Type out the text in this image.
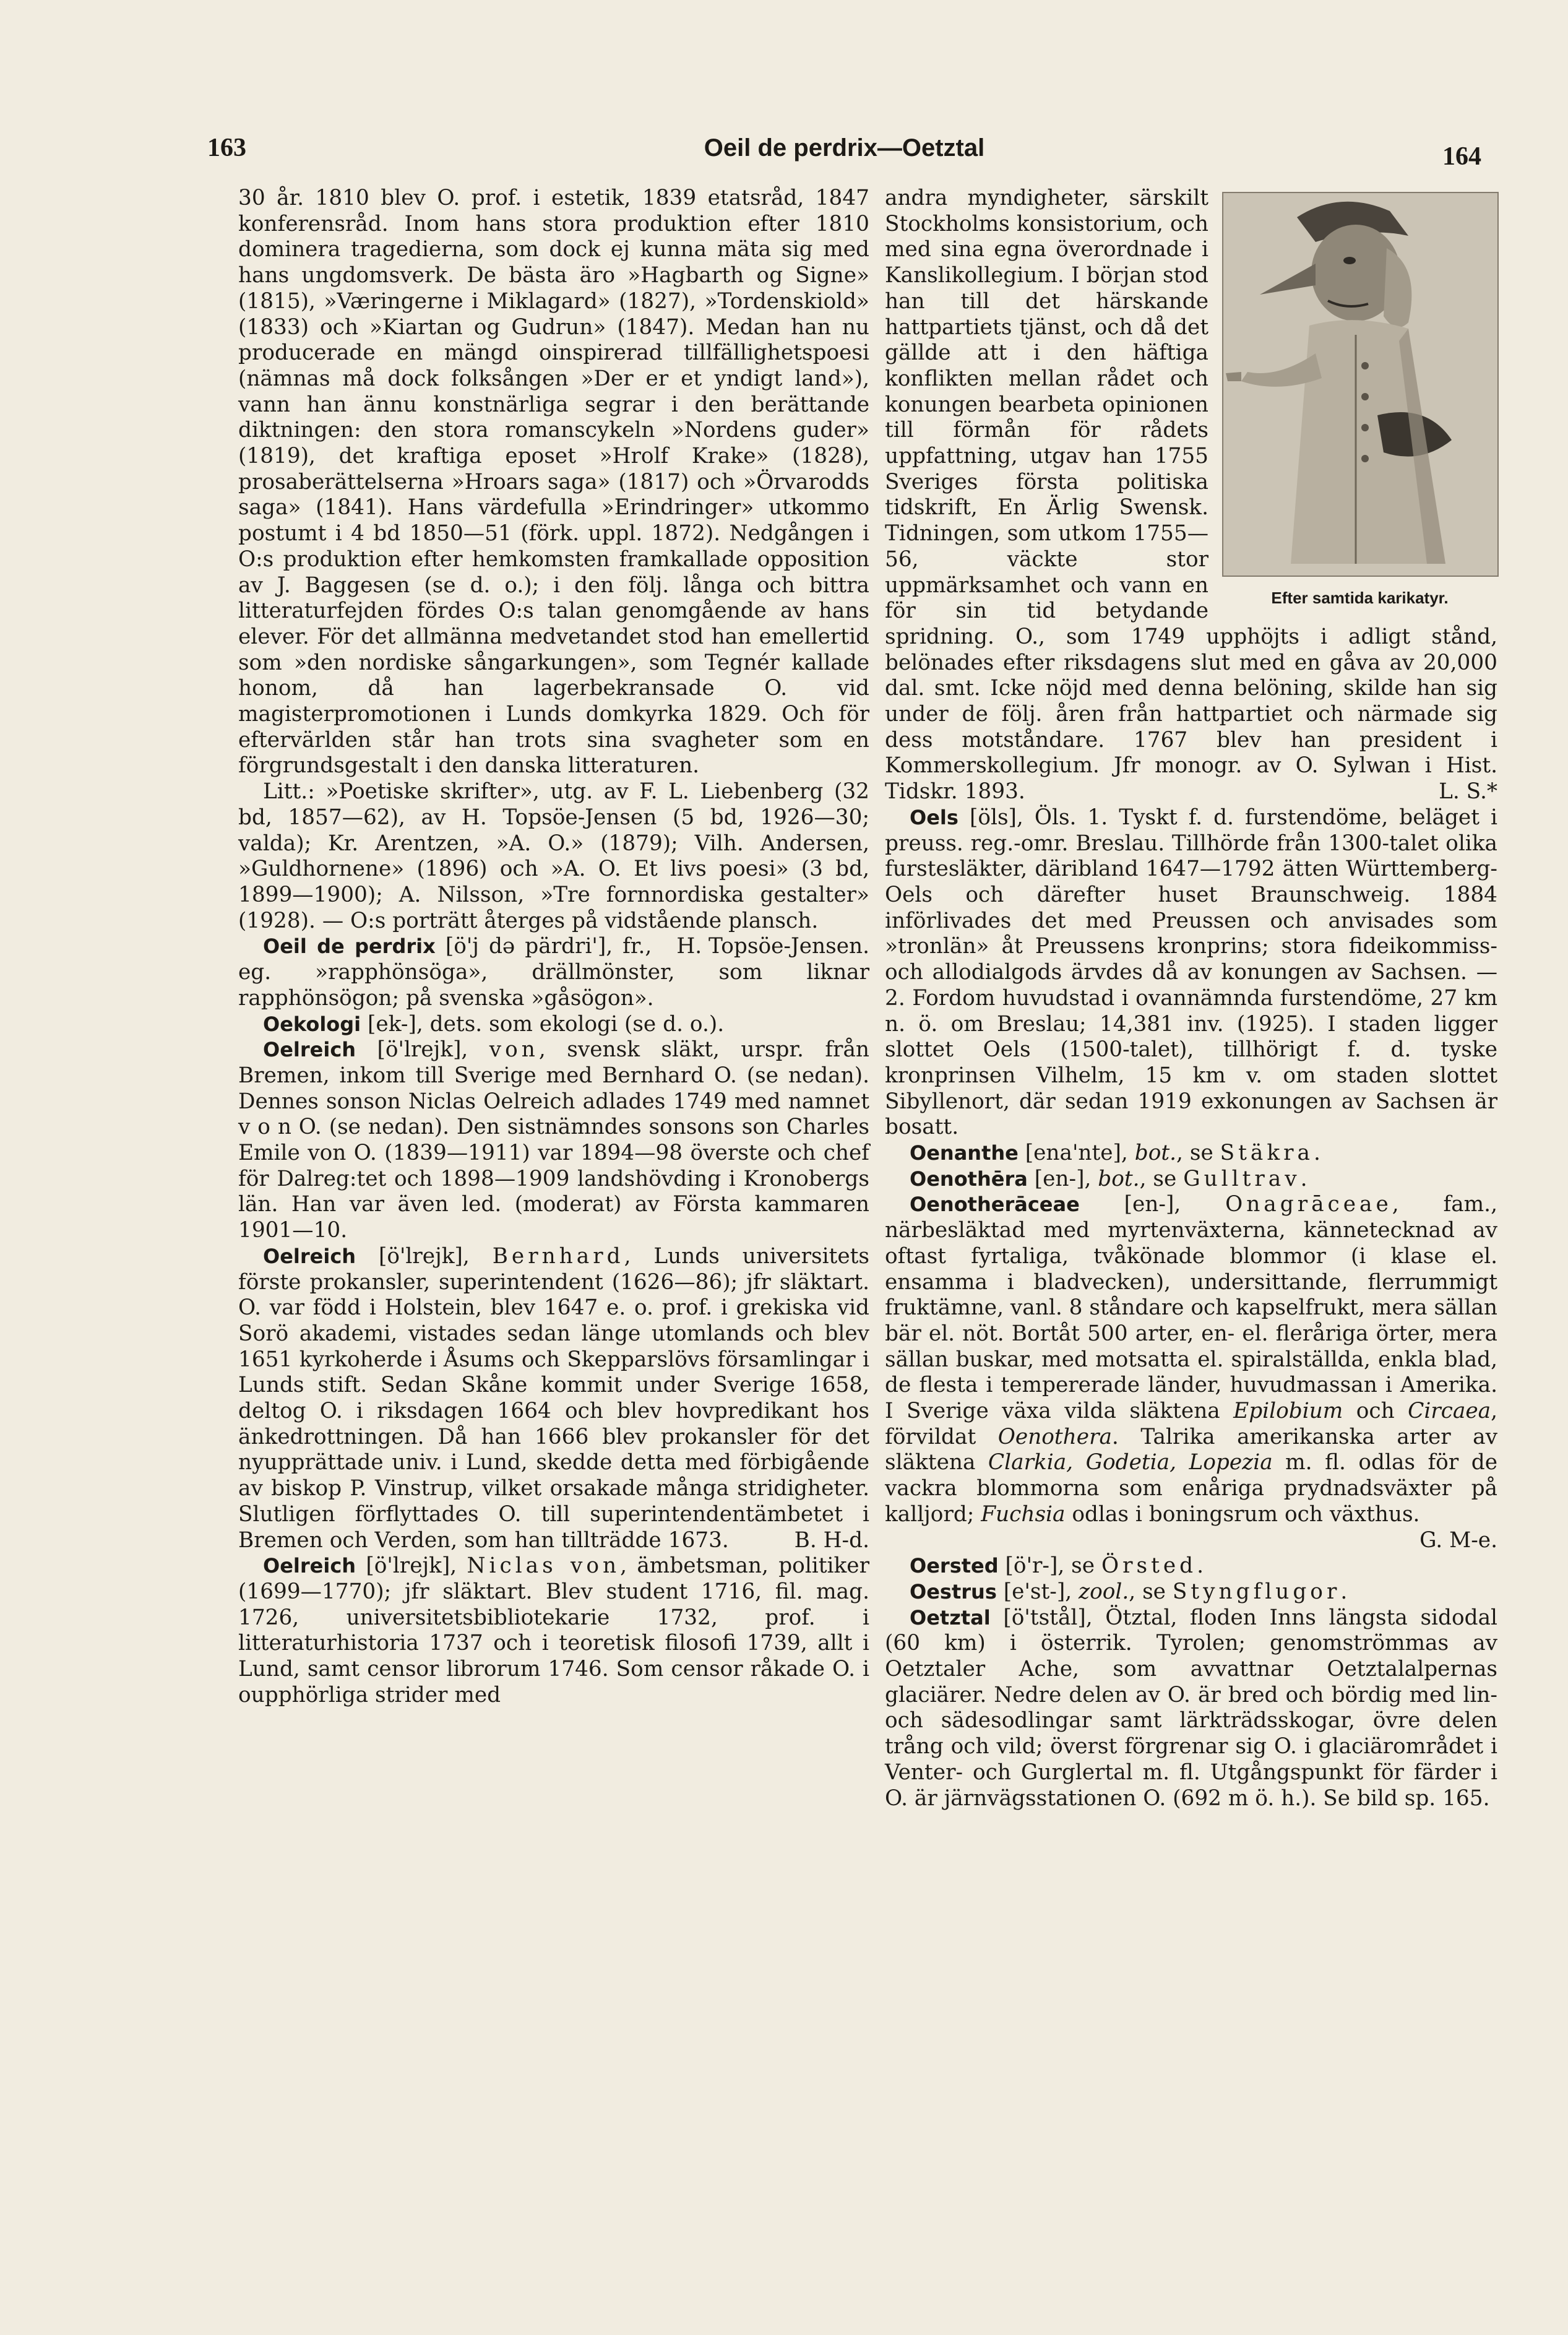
163	Oeil de perdrix—Oetztal	164

30 år. 1810 blev O. prof. i estetik, 1839 etatsråd, 1847 konferensråd. Inom hans stora produktion efter 1810 dominera tragedierna, som dock ej kunna mäta sig med hans ungdomsverk. De bästa äro »Hagbarth og Signe» (1815), »Væringerne i Miklagard» (1827), »Tordenskiold» (1833) och »Kiartan og Gudrun» (1847). Medan han nu producerade en mängd oinspirerad tillfällighetspoesi (nämnas må dock folksången »Der er et yndigt land»), vann han ännu konstnärliga segrar i den berättande diktningen: den stora romanscykeln »Nordens guder» (1819), det kraftiga eposet »Hrolf Krake» (1828), prosaberättelserna »Hroars saga» (1817) och »Örvarodds saga» (1841). Hans värdefulla »Erindringer» utkommo postumt i 4 bd 1850—51 (förk. uppl. 1872). Nedgången i O:s produktion efter hemkomsten framkallade opposition av J. Baggesen (se d. o.); i den följ. långa och bittra litteraturfejden fördes O:s talan genomgående av hans elever. För det allmänna medvetandet stod han emellertid som »den nordiske sångarkungen», som Tegnér kallade honom, då han lagerbekransade O. vid magisterpromotionen i Lunds domkyrka 1829. Och för eftervärlden står han trots sina svagheter som en förgrundsgestalt i den danska litteraturen.

Litt.: »Poetiske skrifter», utg. av F. L. Liebenberg (32 bd, 1857—62), av H. Topsöe-Jensen (5 bd, 1926—30; valda); Kr. Arentzen, »A. O.» (1879); Vilh. Andersen, »Guldhornene» (1896) och »A. O. Et livs poesi» (3 bd, 1899—1900); A. Nilsson, »Tre fornnordiska gestalter» (1928). — O:s porträtt återges på vidstående plansch.
H. Topsöe-Jensen.

Oeil de perdrix [ö'j də pärdri'], fr., eg. »rapphönsöga», drällmönster, som liknar rapphönsögon; på svenska »gåsögon».

Oekologi [ek-], dets. som ekologi (se d. o.).

Oelreich [ö'lrejk], von, svensk släkt, urspr. från Bremen, inkom till Sverige med Bernhard O. (se nedan). Dennes sonson Niclas Oelreich adlades 1749 med namnet v o n O. (se nedan). Den sistnämndes sonsons son Charles Emile von O. (1839—1911) var 1894—98 överste och chef för Dalreg:tet och 1898—1909 landshövding i Kronobergs län. Han var även led. (moderat) av Första kammaren 1901—10.

Oelreich [ö'lrejk], Bernhard, Lunds universitets förste prokansler, superintendent (1626—86); jfr släktart. O. var född i Holstein, blev 1647 e. o. prof. i grekiska vid Sorö akademi, vistades sedan länge utomlands och blev 1651 kyrkoherde i Åsums och Skepparslövs församlingar i Lunds stift. Sedan Skåne kommit under Sverige 1658, deltog O. i riksdagen 1664 och blev hovpredikant hos änkedrottningen. Då han 1666 blev prokansler för det nyupprättade univ. i Lund, skedde detta med förbigående av biskop P. Vinstrup, vilket orsakade många stridigheter. Slutligen förflyttades O. till superintendentämbetet i Bremen och Verden, som han tillträdde 1673.	B. H-d.

Oelreich [ö'lrejk], Niclas von, ämbetsman, politiker (1699—1770); jfr släktart. Blev student 1716, fil. mag. 1726, universitetsbibliotekarie 1732, prof. i litteraturhistoria 1737 och i teoretisk filosofi 1739, allt i Lund, samt censor librorum 1746. Som censor råkade O. i oupphörliga strider med

Efter samtida karikatyr.

andra myndigheter, särskilt Stockholms konsistorium, och med sina egna överordnade i Kanslikollegium. I början stod han till det härskande hattpartiets tjänst, och då det gällde att i den häftiga konflikten mellan rådet och konungen bearbeta opinionen till förmån för rådets uppfattning, utgav han 1755 Sveriges första politiska tidskrift, En Ärlig Swensk. Tidningen, som utkom 1755—56, väckte stor uppmärksamhet och vann en för sin tid betydande spridning. O., som 1749 upphöjts i adligt stånd, belönades efter riksdagens slut med en gåva av 20,000 dal. smt. Icke nöjd med denna belöning, skilde han sig under de följ. åren från hattpartiet och närmade sig dess motståndare. 1767 blev han president i Kommerskollegium. Jfr monogr. av O. Sylwan i Hist. Tidskr. 1893.	L. S.*

Oels [öls], Öls. 1. Tyskt f. d. furstendöme, beläget i preuss. reg.-omr. Breslau. Tillhörde från 1300-talet olika furstesläkter, däribland 1647—1792 ätten Württemberg-Oels och därefter huset Braunschweig. 1884 införlivades det med Preussen och anvisades som »tronlän» åt Preussens kronprins; stora fideikommiss- och allodialgods ärvdes då av konungen av Sachsen. — 2. Fordom huvudstad i ovannämnda furstendöme, 27 km n. ö. om Breslau; 14,381 inv. (1925). I staden ligger slottet Oels (1500-talet), tillhörigt f. d. tyske kronprinsen Vilhelm, 15 km v. om staden slottet Sibyllenort, där sedan 1919 exkonungen av Sachsen är bosatt.

Oenanthe [ena'nte], bot., se Stäkra.

Oenothēra [en-], bot., se Gulltrav.

Oenotherāceae [en-], Onagrāceae, fam., närbesläktad med myrtenväxterna, kännetecknad av oftast fyrtaliga, tvåkönade blommor (i klase el. ensamma i bladvecken), undersittande, flerrummigt fruktämne, vanl. 8 ståndare och kapselfrukt, mera sällan bär el. nöt. Bortåt 500 arter, en- el. fleråriga örter, mera sällan buskar, med motsatta el. spiralställda, enkla blad, de flesta i tempererade länder, huvudmassan i Amerika. I Sverige växa vilda släktena Epilobium och Circaea, förvildat Oenothera. Talrika amerikanska arter av släktena Clarkia, Godetia, Lopezia m. fl. odlas för de vackra blommorna som enåriga prydnadsväxter på kalljord; Fuchsia odlas i boningsrum och växthus.
G. M-e.

Oersted [ö'r-], se Örsted.

Oestrus [e'st-], zool., se Styngflugor.

Oetztal [ö'tstål], Ötztal, floden Inns längsta sidodal (60 km) i österrik. Tyrolen; genomströmmas av Oetztaler Ache, som avvattnar Oetztalalpernas glaciärer. Nedre delen av O. är bred och bördig med lin- och sädesodlingar samt lärkträdsskogar, övre delen trång och vild; överst förgrenar sig O. i glaciärområdet i Venter- och Gurglertal m. fl. Utgångspunkt för färder i O. är järnvägsstationen O. (692 m ö. h.). Se bild sp. 165.
